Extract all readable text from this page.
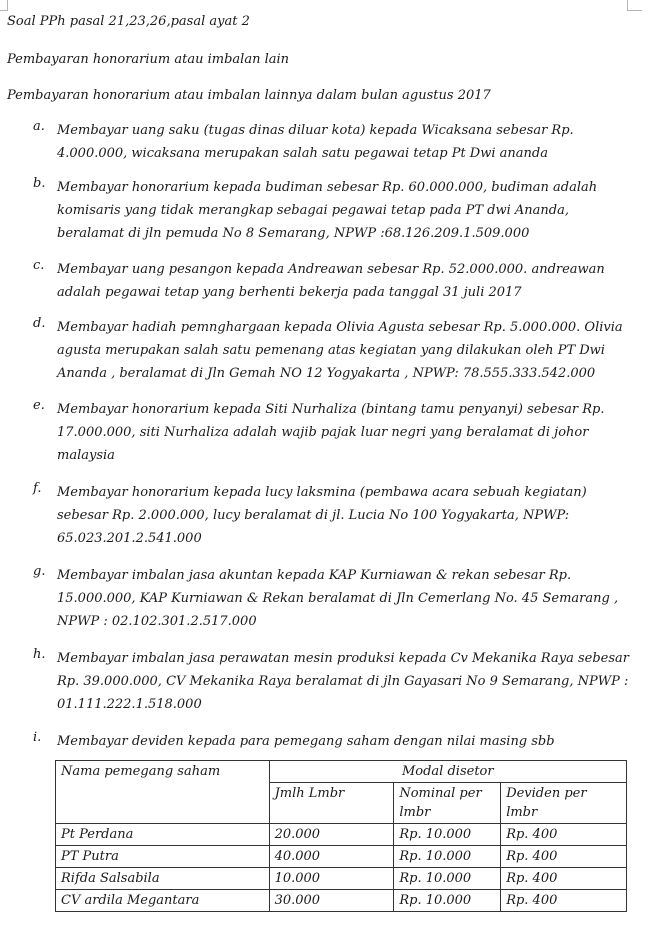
Soal PPh pasal 21,23,26,pasal ayat 2
Pembayaran honorarium atau imbalan lain
Pembayaran honorarium atau imbalan lainnya dalam bulan agustus 2017
a. Membayar uang saku (tugas dinas diluar kota) kepada Wicaksana sebesar Rp. 4.000.000, wicaksana merupakan salah satu pegawai tetap Pt Dwi ananda
b. Membayar honorarium kepada budiman sebesar Rp. 60.000.000, budiman adalah komisaris yang tidak merangkap sebagai pegawai tetap pada PT dwi Ananda, beralamat di jln pemuda No 8 Semarang, NPWP :68.126.209.1.509.000
c. Membayar uang pesangon kepada Andreawan sebesar Rp. 52.000.000. andreawan adalah pegawai tetap yang berhenti bekerja pada tanggal 31 juli 2017
d. Membayar hadiah pemnghargaan kepada Olivia Agusta sebesar Rp. 5.000.000. Olivia agusta merupakan salah satu pemenang atas kegiatan yang dilakukan oleh PT Dwi Ananda , beralamat di Jln Gemah NO 12 Yogyakarta , NPWP: 78.555.333.542.000
e. Membayar honorarium kepada Siti Nurhaliza (bintang tamu penyanyi) sebesar Rp. 17.000.000, siti Nurhaliza adalah wajib pajak luar negri yang beralamat di johor malaysia
f. Membayar honorarium kepada lucy laksmina (pembawa acara sebuah kegiatan) sebesar Rp. 2.000.000, lucy beralamat di jl. Lucia No 100 Yogyakarta, NPWP: 65.023.201.2.541.000
g. Membayar imbalan jasa akuntan kepada KAP Kurniawan & rekan sebesar Rp. 15.000.000, KAP Kurniawan & Rekan beralamat di Jln Cemerlang No. 45 Semarang , NPWP : 02.102.301.2.517.000
h. Membayar imbalan jasa perawatan mesin produksi kepada Cv Mekanika Raya sebesar Rp. 39.000.000, CV Mekanika Raya beralamat di jln Gayasari No 9 Semarang, NPWP : 01.111.222.1.518.000
i. Membayar deviden kepada para pemegang saham dengan nilai masing sbb
Nama pemegang saham	Modal disetor		
	Jmlh Lmbr	Nominal per lmbr	Deviden per lmbr
Pt Perdana	20.000	Rp. 10.000	Rp. 400
PT Putra	40.000	Rp. 10.000	Rp. 400
Rifda Salsabila	10.000	Rp. 10.000	Rp. 400
CV ardila Megantara	30.000	Rp. 10.000	Rp. 400
